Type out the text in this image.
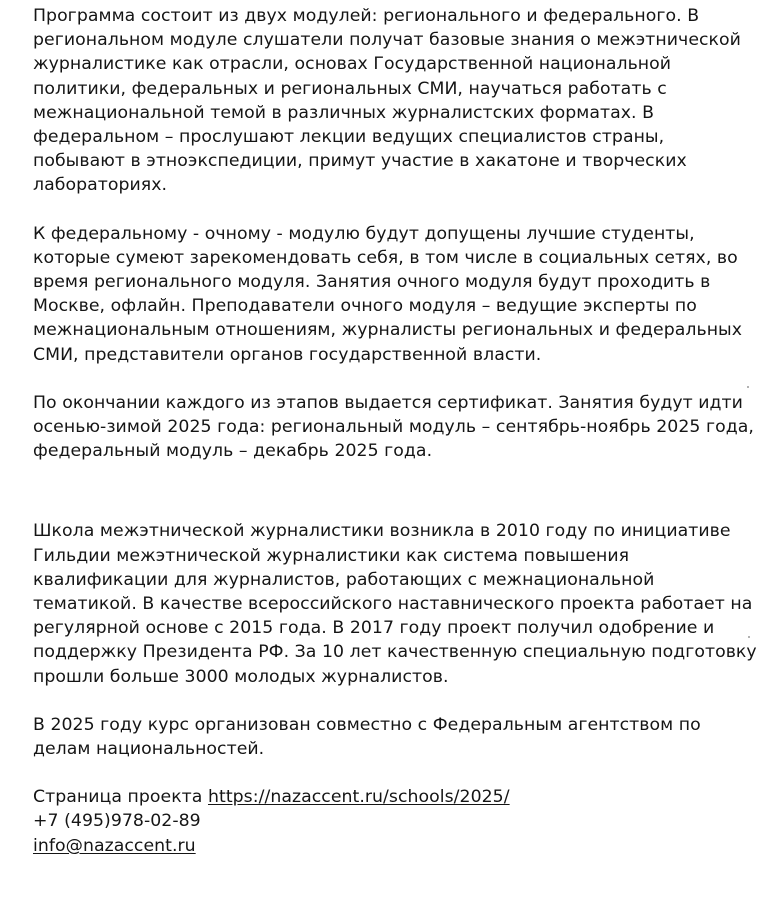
Программа состоит из двух модулей: регионального и федерального. В региональном модуле слушатели получат базовые знания о межэтнической журналистике как отрасли, основах Государственной национальной политики, федеральных и региональных СМИ, научаться работать с межнациональной темой в различных журналистских форматах. В федеральном – прослушают лекции ведущих специалистов страны, побывают в этноэкспедиции, примут участие в хакатоне и творческих лабораториях.

К федеральному - очному - модулю будут допущены лучшие студенты, которые сумеют зарекомендовать себя, в том числе в социальных сетях, во время регионального модуля. Занятия очного модуля будут проходить в Москве, офлайн. Преподаватели очного модуля – ведущие эксперты по межнациональным отношениям, журналисты региональных и федеральных СМИ, представители органов государственной власти.

По окончании каждого из этапов выдается сертификат. Занятия будут идти осенью-зимой 2025 года: региональный модуль – сентябрь-ноябрь 2025 года, федеральный модуль – декабрь 2025 года.

Школа межэтнической журналистики возникла в 2010 году по инициативе Гильдии межэтнической журналистики как система повышения квалификации для журналистов, работающих с межнациональной тематикой. В качестве всероссийского наставнического проекта работает на регулярной основе с 2015 года. В 2017 году проект получил одобрение и поддержку Президента РФ. За 10 лет качественную специальную подготовку прошли больше 3000 молодых журналистов.

В 2025 году курс организован совместно с Федеральным агентством по делам национальностей.

Страница проекта https://nazaccent.ru/schools/2025/
+7 (495)978-02-89
info@nazaccent.ru
